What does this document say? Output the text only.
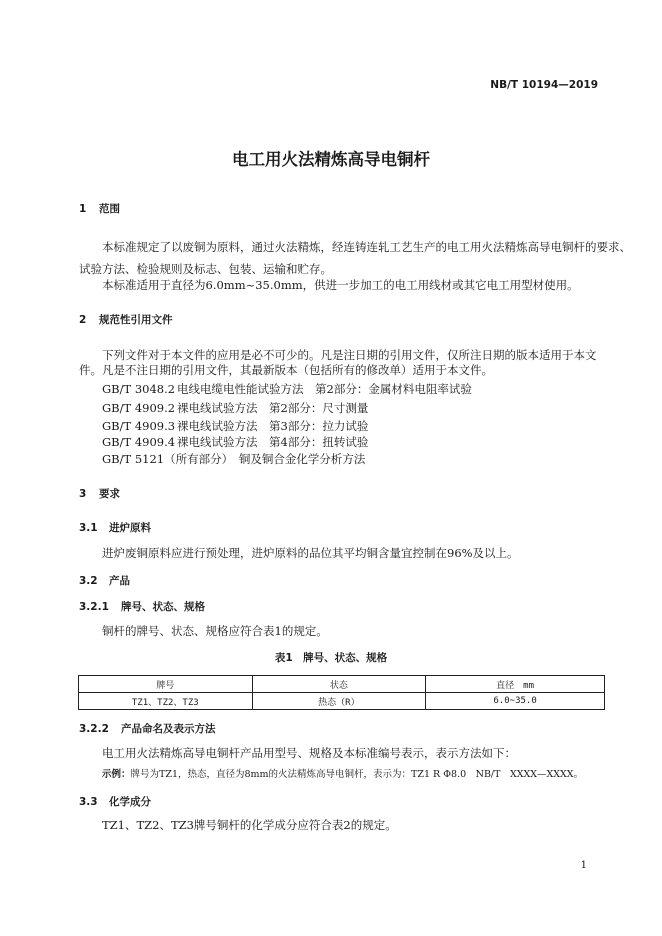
NB/T 10194—2019
电工用火法精炼高导电铜杆
1 范围
本标准规定了以废铜为原料，通过火法精炼，经连铸连轧工艺生产的电工用火法精炼高导电铜杆的要求、
试验方法、检验规则及标志、包装、运输和贮存。
本标准适用于直径为6.0mm~35.0mm，供进一步加工的电工用线材或其它电工用型材使用。
2 规范性引用文件
下列文件对于本文件的应用是必不可少的。凡是注日期的引用文件，仅所注日期的版本适用于本文
件。凡是不注日期的引用文件，其最新版本（包括所有的修改单）适用于本文件。
GB/T 3048.2 电线电缆电性能试验方法　 第2部分：金属材料电阻率试验
GB/T 4909.2 裸电线试验方法　 第2部分：尺寸测量
GB/T 4909.3 裸电线试验方法　 第3部分：拉力试验
GB/T 4909.4 裸电线试验方法　 第4部分：扭转试验
GB/T 5121（所有部分）　 铜及铜合金化学分析方法
3 要求
3.1 进炉原料
进炉废铜原料应进行预处理，进炉原料的品位其平均铜含量宜控制在96%及以上。
3.2 产品
3.2.1 牌号、状态、规格
铜杆的牌号、状态、规格应符合表1的规定。
表1　牌号、状态、规格
牌号	状态	直径　mm
TZ1、TZ2、TZ3	热态（R）	6.0~35.0
3.2.2 产品命名及表示方法
电工用火法精炼高导电铜杆产品用型号、规格及本标准编号表示，表示方法如下：
示例：牌号为TZ1，热态，直径为8mm的火法精炼高导电铜杆，表示为：TZ1 R Φ8.0　NB/T　XXXX—XXXX。
3.3 化学成分
TZ1、TZ2、TZ3牌号铜杆的化学成分应符合表2的规定。
1
